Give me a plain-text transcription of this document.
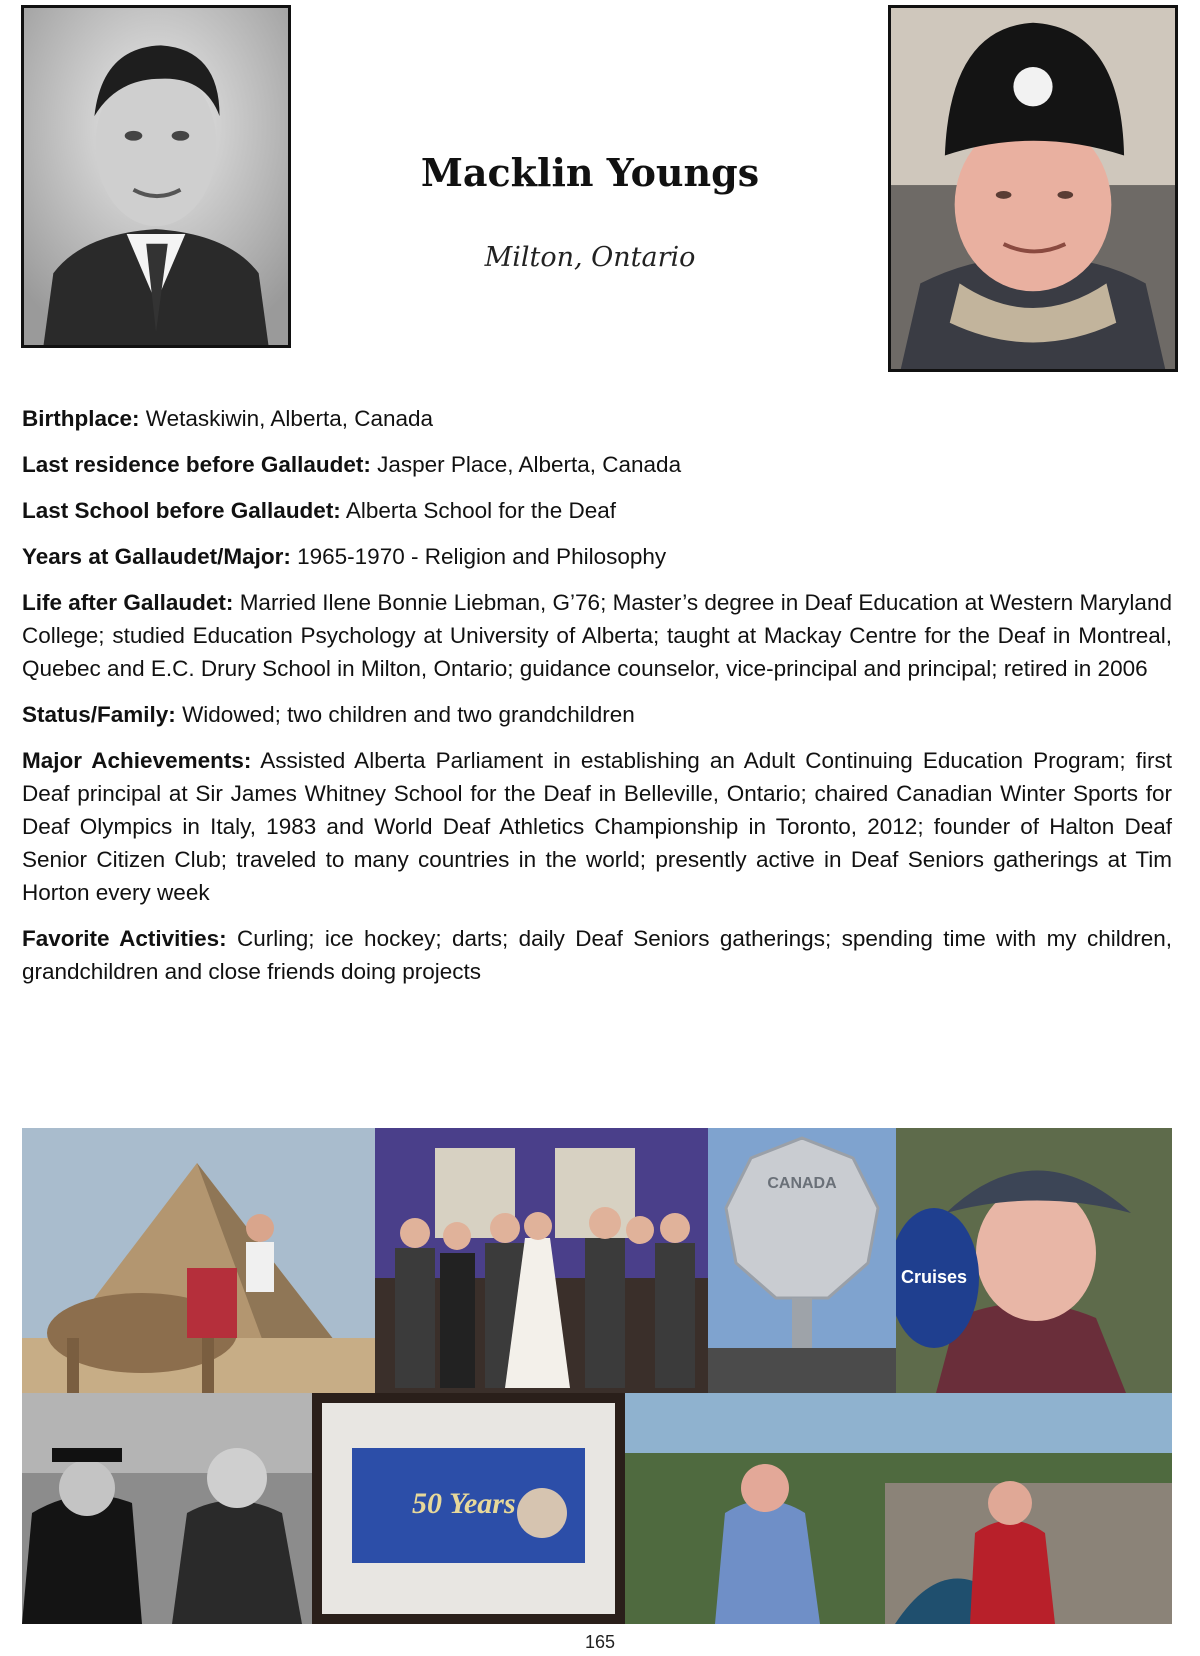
Macklin Youngs
Milton, Ontario

Birthplace: Wetaskiwin, Alberta, Canada

Last residence before Gallaudet: Jasper Place, Alberta, Canada

Last School before Gallaudet: Alberta School for the Deaf

Years at Gallaudet/Major: 1965-1970 - Religion and Philosophy

Life after Gallaudet: Married Ilene Bonnie Liebman, G’76; Master’s degree in Deaf Education at Western Maryland College; studied Education Psychology at University of Alberta; taught at Mackay Centre for the Deaf in Montreal, Quebec and E.C. Drury School in Milton, Ontario; guidance counselor, vice-principal and principal; retired in 2006

Status/Family: Widowed; two children and two grandchildren

Major Achievements: Assisted Alberta Parliament in establishing an Adult Continuing Education Program; first Deaf principal at Sir James Whitney School for the Deaf in Belleville, Ontario; chaired Canadian Winter Sports for Deaf Olympics in Italy, 1983 and World Deaf Athletics Championship in Toronto, 2012; founder of Halton Deaf Senior Citizen Club; traveled to many countries in the world; presently active in Deaf Seniors gatherings at Tim Horton every week

Favorite Activities: Curling; ice hockey; darts; daily Deaf Seniors gatherings; spending time with my children, grandchildren and close friends doing projects

CANADA
Cruises
50 Years
165
